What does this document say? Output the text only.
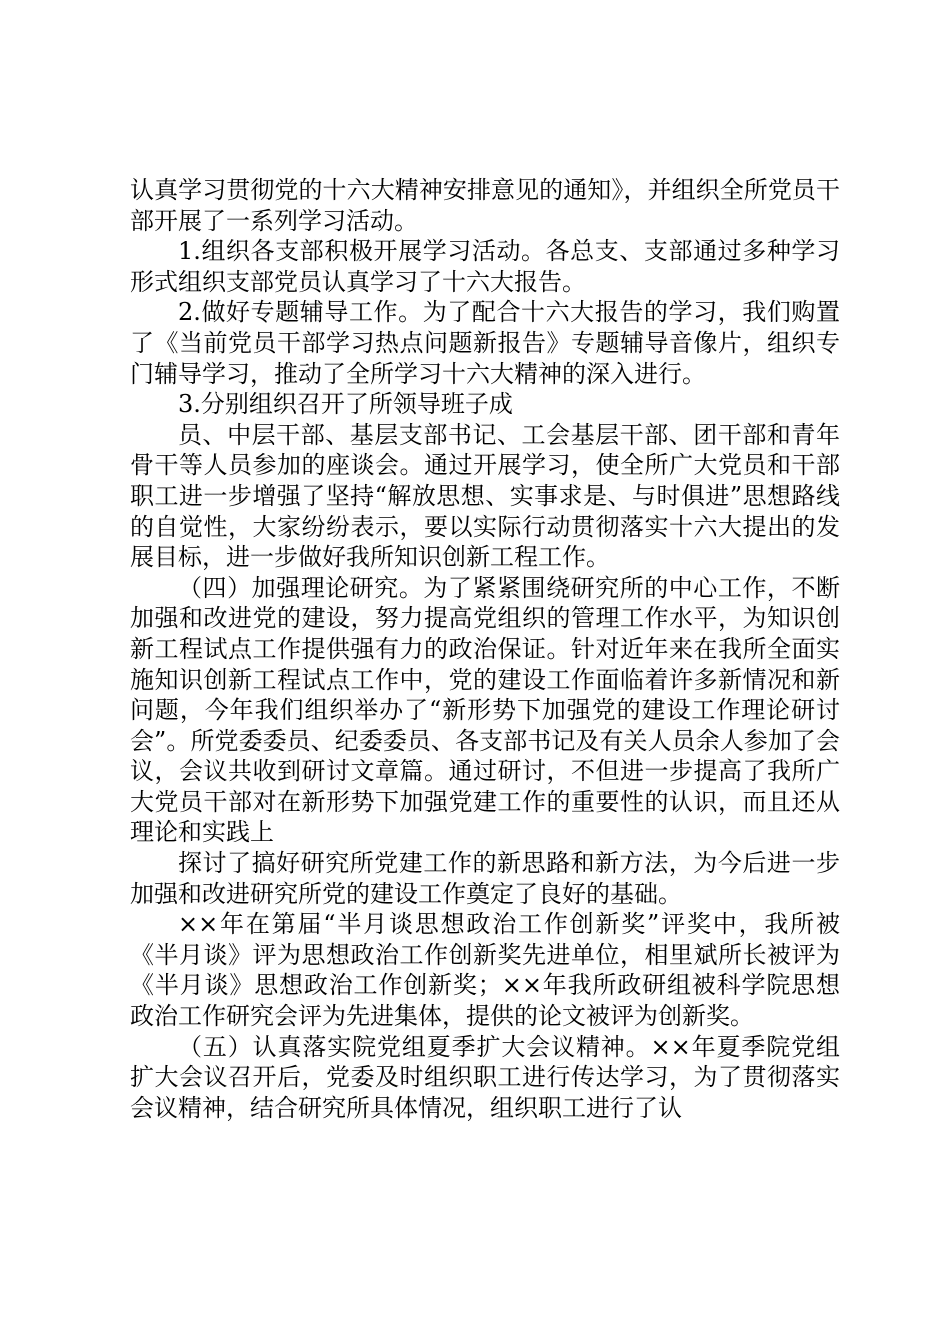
认真学习贯彻党的十六大精神安排意见的通知》，并组织全所党员干部开展了一系列学习活动。

1.组织各支部积极开展学习活动。各总支、支部通过多种学习形式组织支部党员认真学习了十六大报告。

2.做好专题辅导工作。为了配合十六大报告的学习，我们购置了《当前党员干部学习热点问题新报告》专题辅导音像片，组织专门辅导学习，推动了全所学习十六大精神的深入进行。

3.分别组织召开了所领导班子成

员、中层干部、基层支部书记、工会基层干部、团干部和青年骨干等人员参加的座谈会。通过开展学习，使全所广大党员和干部职工进一步增强了坚持“解放思想、实事求是、与时俱进”思想路线的自觉性，大家纷纷表示，要以实际行动贯彻落实十六大提出的发展目标，进一步做好我所知识创新工程工作。

（四）加强理论研究。为了紧紧围绕研究所的中心工作，不断加强和改进党的建设，努力提高党组织的管理工作水平，为知识创新工程试点工作提供强有力的政治保证。针对近年来在我所全面实施知识创新工程试点工作中，党的建设工作面临着许多新情况和新问题，今年我们组织举办了“新形势下加强党的建设工作理论研讨会”。所党委委员、纪委委员、各支部书记及有关人员余人参加了会议，会议共收到研讨文章篇。通过研讨，不但进一步提高了我所广大党员干部对在新形势下加强党建工作的重要性的认识，而且还从理论和实践上

探讨了搞好研究所党建工作的新思路和新方法，为今后进一步加强和改进研究所党的建设工作奠定了良好的基础。

××年在第届“半月谈思想政治工作创新奖”评奖中，我所被《半月谈》评为思想政治工作创新奖先进单位，相里斌所长被评为《半月谈》思想政治工作创新奖；××年我所政研组被科学院思想政治工作研究会评为先进集体，提供的论文被评为创新奖。

（五）认真落实院党组夏季扩大会议精神。××年夏季院党组扩大会议召开后，党委及时组织职工进行传达学习，为了贯彻落实会议精神，结合研究所具体情况，组织职工进行了认
